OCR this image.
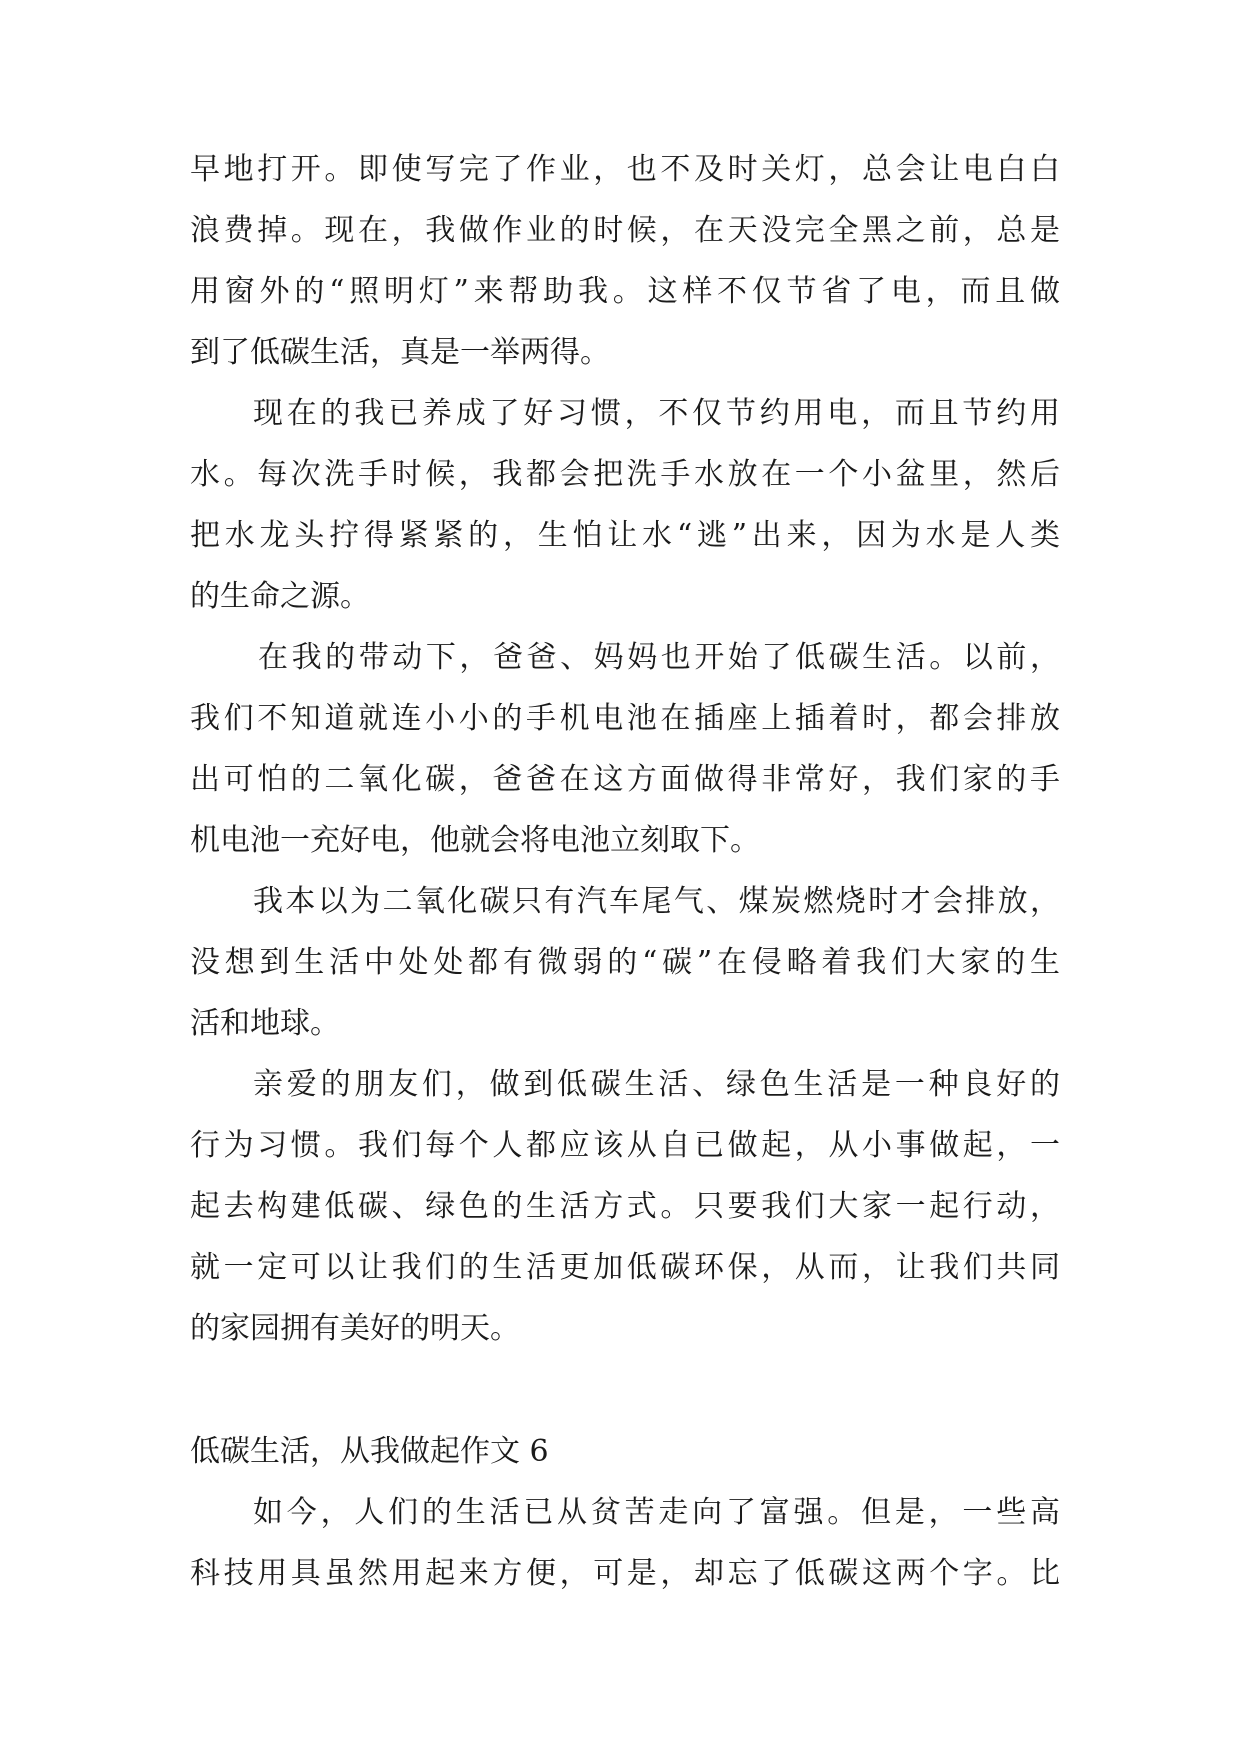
早地打开。即使写完了作业，也不及时关灯，总会让电白白
浪费掉。现在，我做作业的时候，在天没完全黑之前，总是
用窗外的“照明灯”来帮助我。这样不仅节省了电，而且做
到了低碳生活，真是一举两得。
现在的我已养成了好习惯，不仅节约用电，而且节约用
水。每次洗手时候，我都会把洗手水放在一个小盆里，然后
把水龙头拧得紧紧的，生怕让水“逃”出来，因为水是人类
的生命之源。
在我的带动下，爸爸、妈妈也开始了低碳生活。以前，
我们不知道就连小小的手机电池在插座上插着时，都会排放
出可怕的二氧化碳，爸爸在这方面做得非常好，我们家的手
机电池一充好电，他就会将电池立刻取下。
我本以为二氧化碳只有汽车尾气、煤炭燃烧时才会排放，
没想到生活中处处都有微弱的“碳”在侵略着我们大家的生
活和地球。
亲爱的朋友们，做到低碳生活、绿色生活是一种良好的
行为习惯。我们每个人都应该从自已做起，从小事做起，一
起去构建低碳、绿色的生活方式。只要我们大家一起行动，
就一定可以让我们的生活更加低碳环保，从而，让我们共同
的家园拥有美好的明天。
低碳生活，从我做起作文 6
如今，人们的生活已从贫苦走向了富强。但是，一些高
科技用具虽然用起来方便，可是，却忘了低碳这两个字。比
